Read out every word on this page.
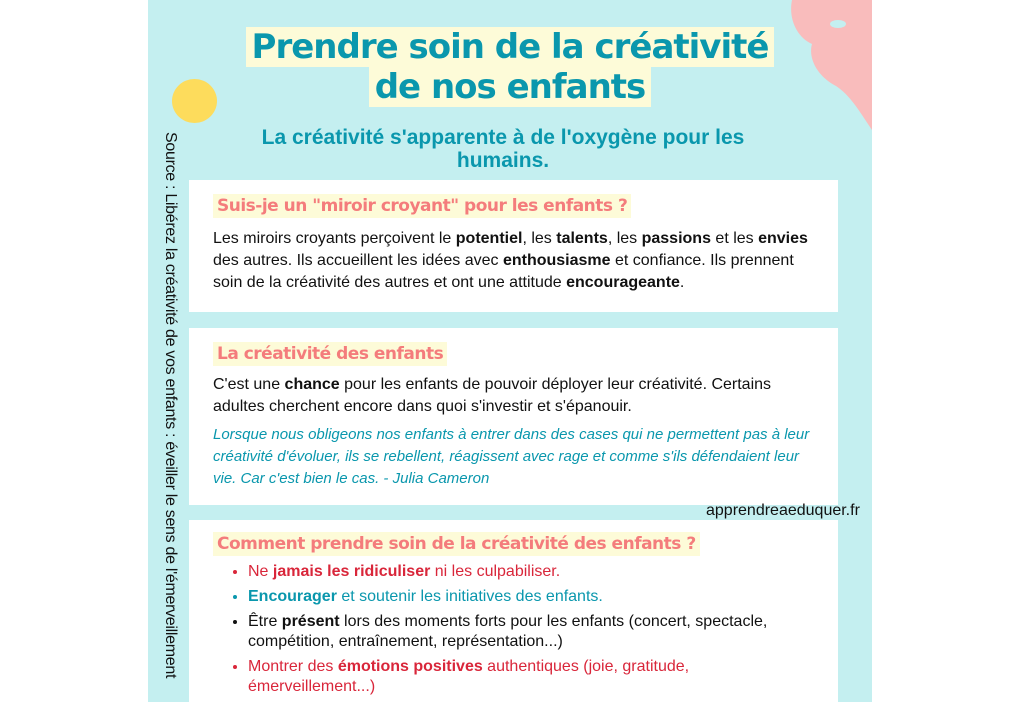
Prendre soin de la créativité
de nos enfants
La créativité s'apparente à de l'oxygène pour les humains.
Source : Libérez la créativité de vos enfants : éveiller le sens de l'émerveillement	Suis-je un "miroir croyant" pour les enfants ?

Les miroirs croyants perçoivent le potentiel, les talents, les passions et les envies des autres. Ils accueillent les idées avec enthousiasme et confiance. Ils prennent soin de la créativité des autres et ont une attitude encourageante.

La créativité des enfants

C'est une chance pour les enfants de pouvoir déployer leur créativité. Certains adultes cherchent encore dans quoi s'investir et s'épanouir.

Lorsque nous obligeons nos enfants à entrer dans des cases qui ne permettent pas à leur créativité d'évoluer, ils se rebellent, réagissent avec rage et comme s'ils défendaient leur vie. Car c'est bien le cas. - Julia Cameron

apprendreaeduquer.fr
Comment prendre soin de la créativité des enfants ?
• Ne jamais les ridiculiser ni les culpabiliser.
• Encourager et soutenir les initiatives des enfants.
• Être présent lors des moments forts pour les enfants (concert, spectacle, compétition, entraînement, représentation...)
• Montrer des émotions positives authentiques (joie, gratitude, émerveillement...)
